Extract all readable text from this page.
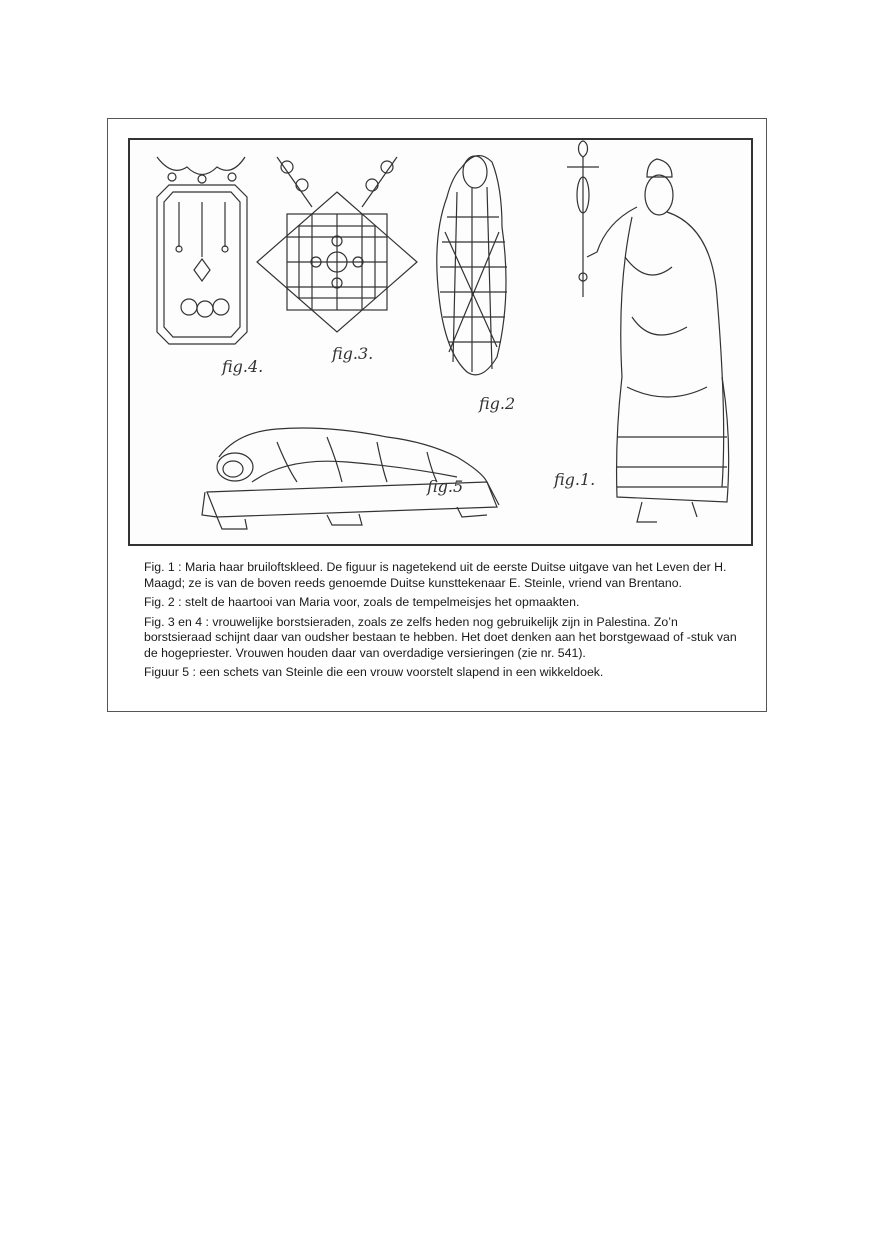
fig.4.
fig.3.
fig.2
fig.1.
fig.5

Fig. 1 : Maria haar bruiloftskleed. De figuur is nagetekend uit de eerste Duitse uitgave van het Leven der H. Maagd; ze is van de boven reeds genoemde Duitse kunsttekenaar E. Steinle, vriend van Brentano.

Fig. 2 : stelt de haartooi van Maria voor, zoals de tempelmeisjes het opmaakten.

Fig. 3 en 4 : vrouwelijke borstsieraden, zoals ze zelfs heden nog gebruikelijk zijn in Palestina. Zo’n borstsieraad schijnt daar van oudsher bestaan te hebben. Het doet denken aan het borstgewaad of -stuk van de hogepriester. Vrouwen houden daar van overdadige versieringen (zie nr. 541).

Figuur 5 : een schets van Steinle die een vrouw voorstelt slapend in een wikkeldoek.
